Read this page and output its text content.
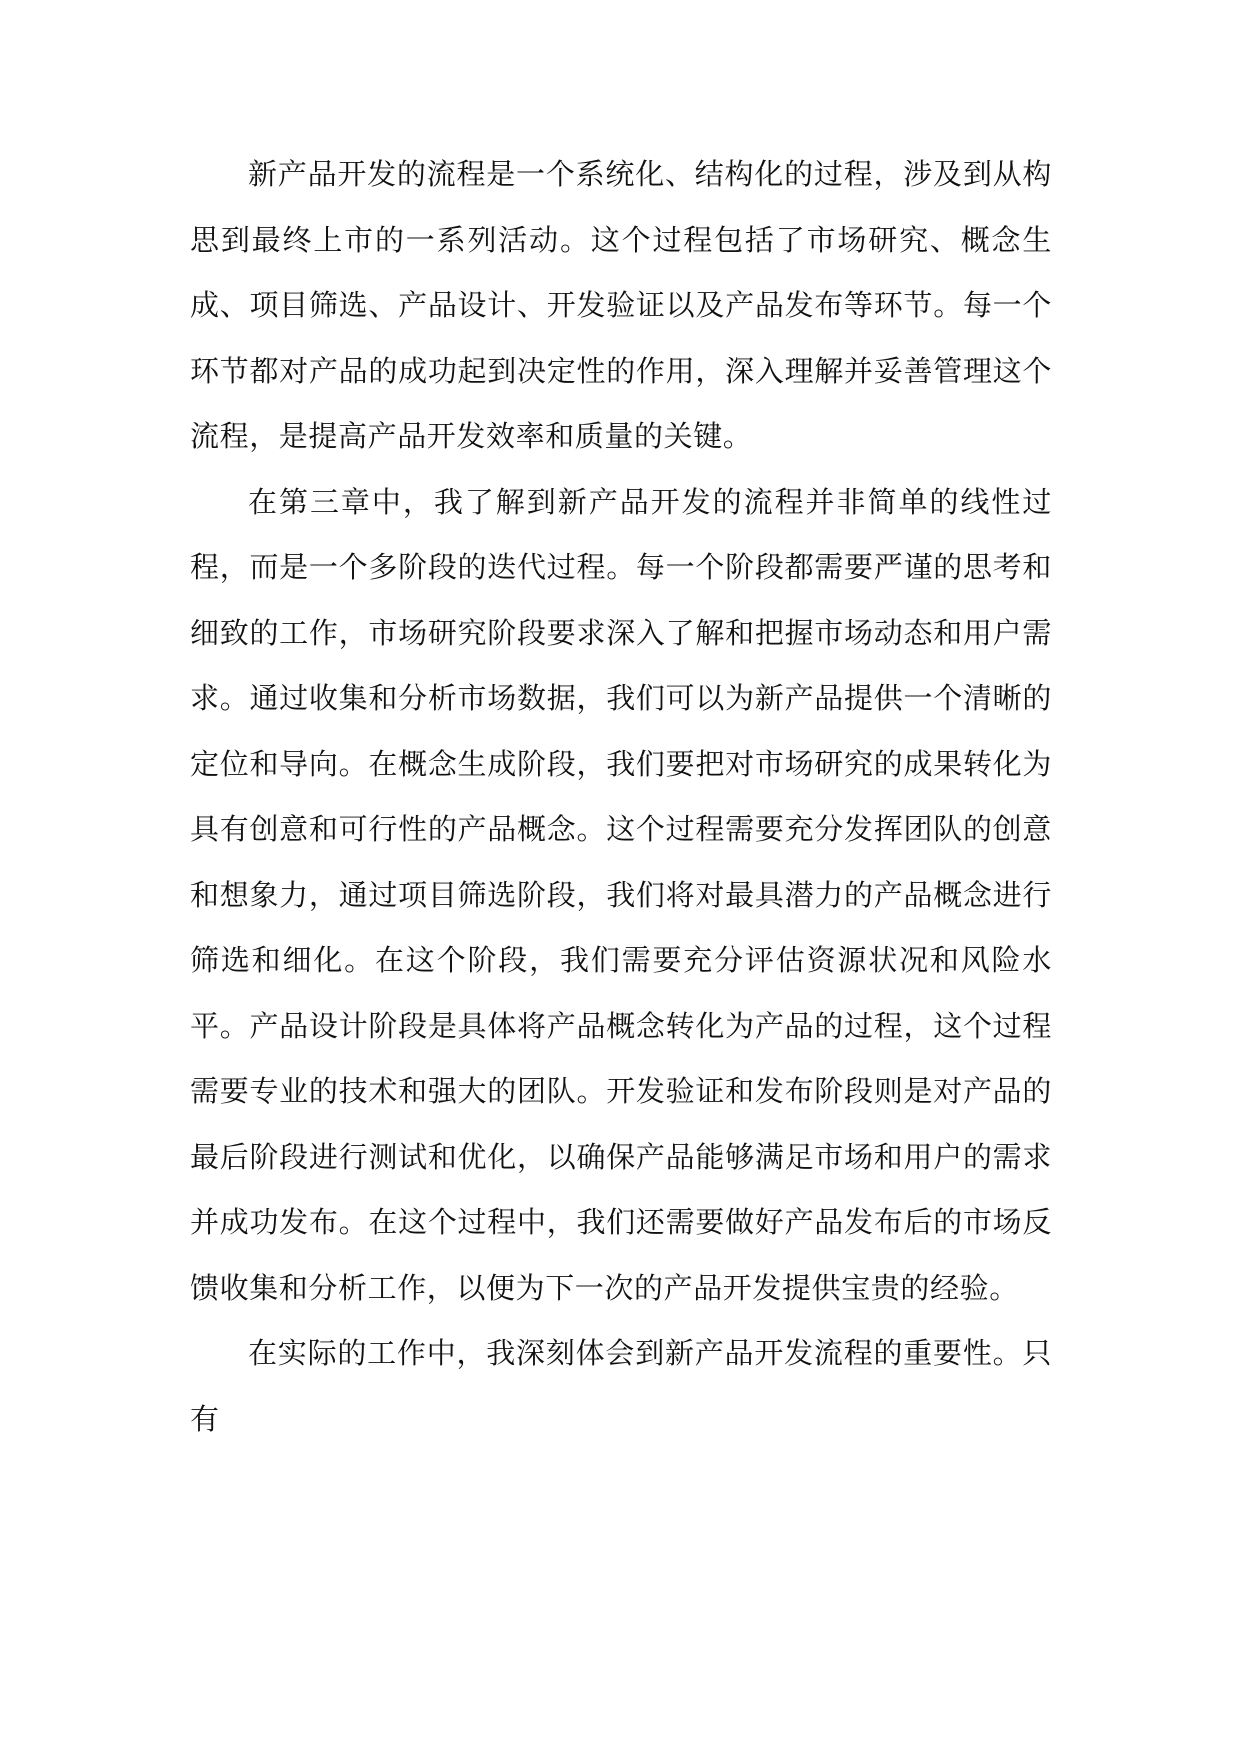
新产品开发的流程是一个系统化、结构化的过程，涉及到从构思到最终上市的一系列活动。这个过程包括了市场研究、概念生成、项目筛选、产品设计、开发验证以及产品发布等环节。每一个环节都对产品的成功起到决定性的作用，深入理解并妥善管理这个流程，是提高产品开发效率和质量的关键。

在第三章中，我了解到新产品开发的流程并非简单的线性过程，而是一个多阶段的迭代过程。每一个阶段都需要严谨的思考和细致的工作，市场研究阶段要求深入了解和把握市场动态和用户需求。通过收集和分析市场数据，我们可以为新产品提供一个清晰的定位和导向。在概念生成阶段，我们要把对市场研究的成果转化为具有创意和可行性的产品概念。这个过程需要充分发挥团队的创意和想象力，通过项目筛选阶段，我们将对最具潜力的产品概念进行筛选和细化。在这个阶段，我们需要充分评估资源状况和风险水平。产品设计阶段是具体将产品概念转化为产品的过程，这个过程需要专业的技术和强大的团队。开发验证和发布阶段则是对产品的最后阶段进行测试和优化，以确保产品能够满足市场和用户的需求并成功发布。在这个过程中，我们还需要做好产品发布后的市场反馈收集和分析工作，以便为下一次的产品开发提供宝贵的经验。

在实际的工作中，我深刻体会到新产品开发流程的重要性。只有
